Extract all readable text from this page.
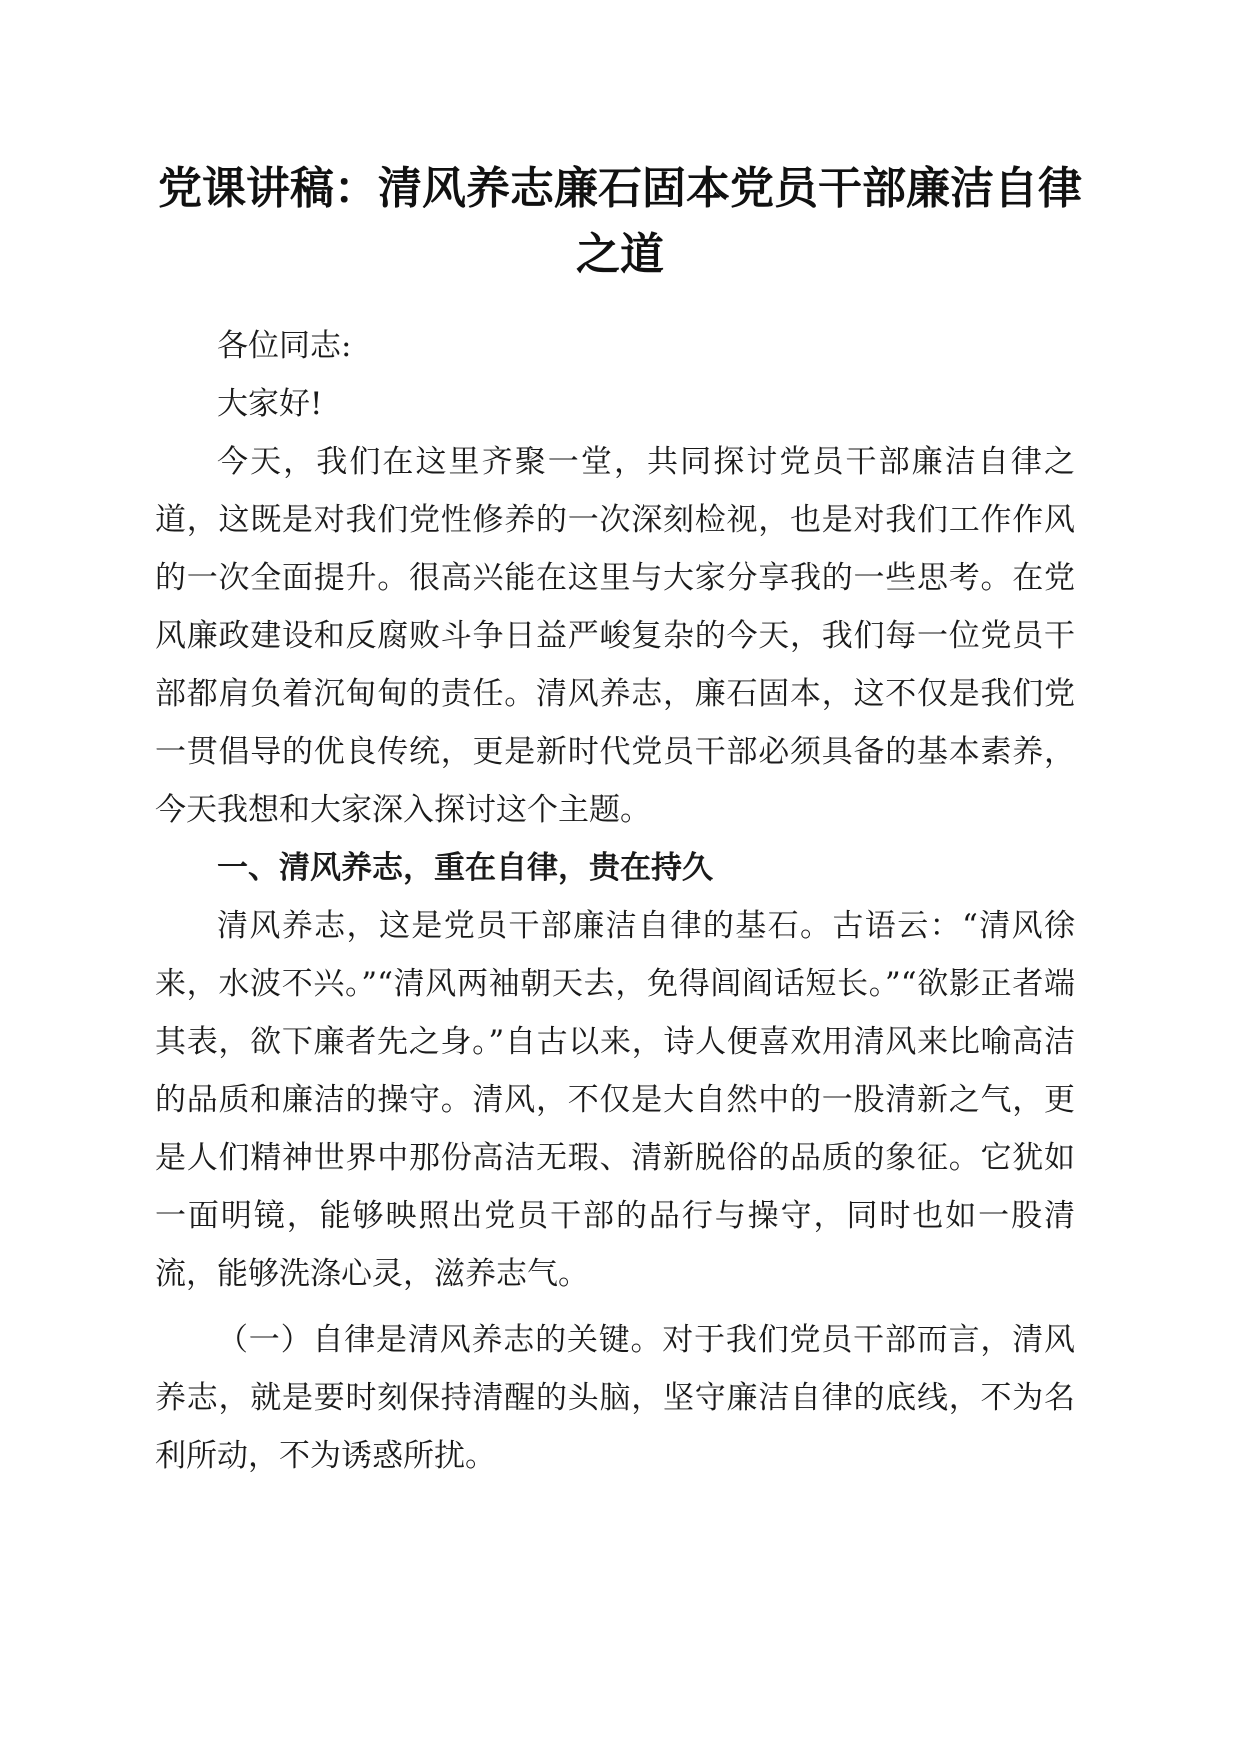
党课讲稿：清风养志廉石固本党员干部廉洁自律之道

各位同志:

大家好!

今天，我们在这里齐聚一堂，共同探讨党员干部廉洁自律之道，这既是对我们党性修养的一次深刻检视，也是对我们工作作风的一次全面提升。很高兴能在这里与大家分享我的一些思考。在党风廉政建设和反腐败斗争日益严峻复杂的今天，我们每一位党员干部都肩负着沉甸甸的责任。清风养志，廉石固本，这不仅是我们党一贯倡导的优良传统，更是新时代党员干部必须具备的基本素养，今天我想和大家深入探讨这个主题。

一、清风养志，重在自律，贵在持久

清风养志，这是党员干部廉洁自律的基石。古语云：“清风徐来，水波不兴。”“清风两袖朝天去，免得闾阎话短长。”“欲影正者端其表，欲下廉者先之身。”自古以来，诗人便喜欢用清风来比喻高洁的品质和廉洁的操守。清风，不仅是大自然中的一股清新之气，更是人们精神世界中那份高洁无瑕、清新脱俗的品质的象征。它犹如一面明镜，能够映照出党员干部的品行与操守，同时也如一股清流，能够洗涤心灵，滋养志气。

（一）自律是清风养志的关键。对于我们党员干部而言，清风养志，就是要时刻保持清醒的头脑，坚守廉洁自律的底线，不为名利所动，不为诱惑所扰。
